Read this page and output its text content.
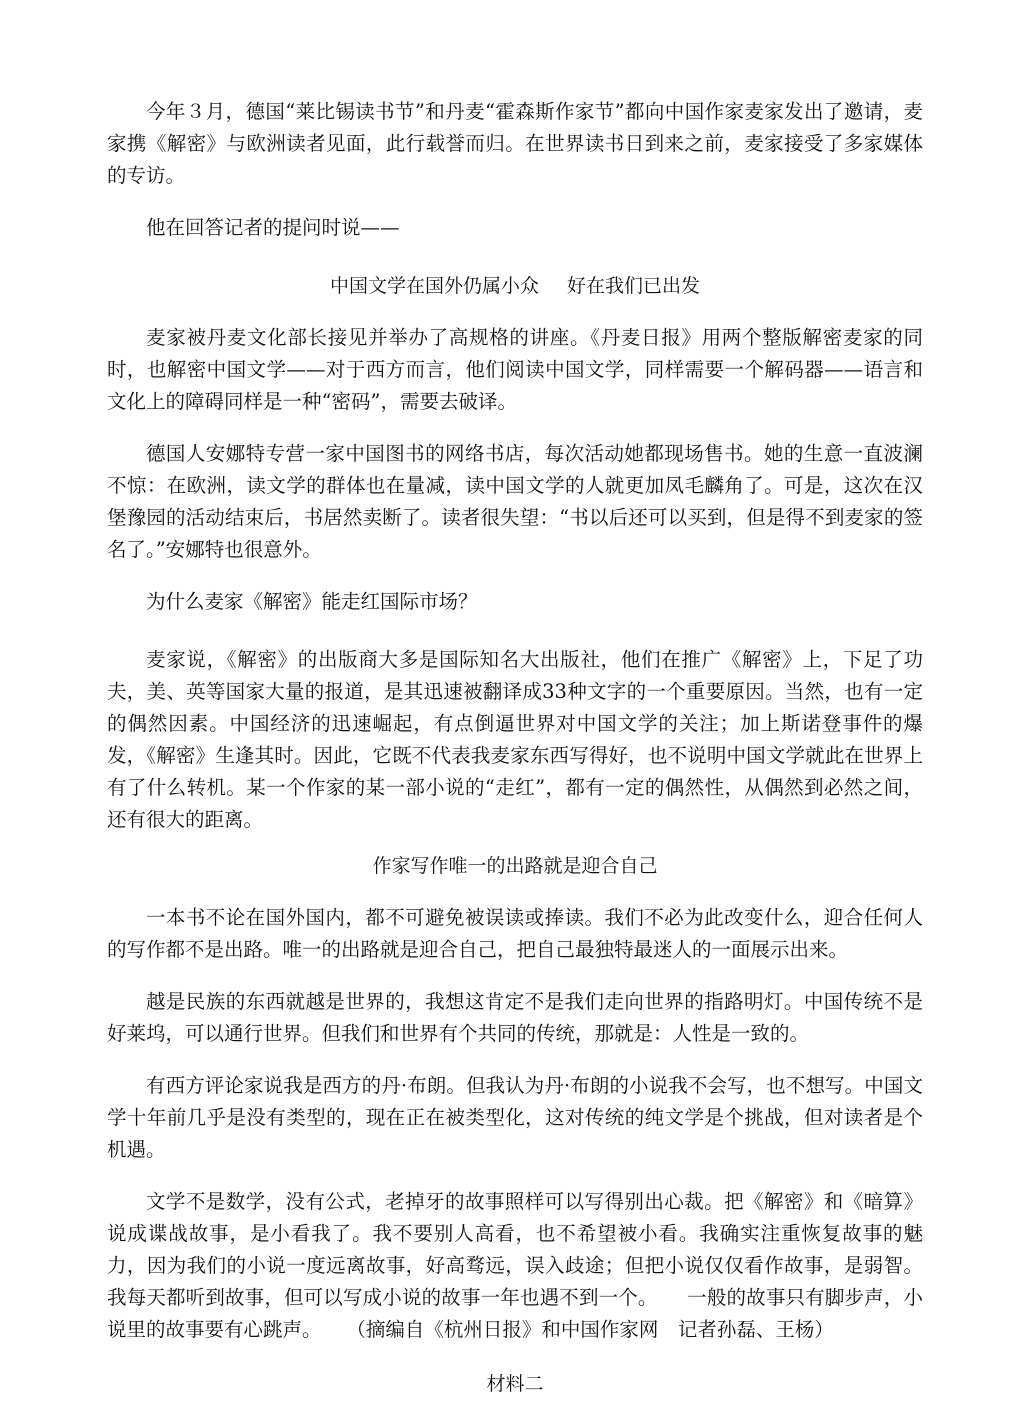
今年３月，德国“莱比锡读书节”和丹麦“霍森斯作家节”都向中国作家麦家发出了邀请，麦家携《解密》与欧洲读者见面，此行载誉而归。在世界读书日到来之前，麦家接受了多家媒体的专访。

他在回答记者的提问时说——

中国文学在国外仍属小众 好在我们已出发

麦家被丹麦文化部长接见并举办了高规格的讲座。《丹麦日报》用两个整版解密麦家的同时，也解密中国文学——对于西方而言，他们阅读中国文学，同样需要一个解码器——语言和文化上的障碍同样是一种“密码”，需要去破译。

德国人安娜特专营一家中国图书的网络书店，每次活动她都现场售书。她的生意一直波澜不惊：在欧洲，读文学的群体也在量减，读中国文学的人就更加凤毛麟角了。可是，这次在汉堡豫园的活动结束后，书居然卖断了。读者很失望：“书以后还可以买到，但是得不到麦家的签名了。”安娜特也很意外。

为什么麦家《解密》能走红国际市场？

麦家说，《解密》的出版商大多是国际知名大出版社，他们在推广《解密》上，下足了功夫，美、英等国家大量的报道，是其迅速被翻译成33种文字的一个重要原因。当然，也有一定的偶然因素。中国经济的迅速崛起，有点倒逼世界对中国文学的关注；加上斯诺登事件的爆发，《解密》生逢其时。因此，它既不代表我麦家东西写得好，也不说明中国文学就此在世界上有了什么转机。某一个作家的某一部小说的“走红”，都有一定的偶然性，从偶然到必然之间，还有很大的距离。

作家写作唯一的出路就是迎合自己

一本书不论在国外国内，都不可避免被误读或捧读。我们不必为此改变什么，迎合任何人的写作都不是出路。唯一的出路就是迎合自己，把自己最独特最迷人的一面展示出来。

越是民族的东西就越是世界的，我想这肯定不是我们走向世界的指路明灯。中国传统不是好莱坞，可以通行世界。但我们和世界有个共同的传统，那就是：人性是一致的。

有西方评论家说我是西方的丹·布朗。但我认为丹·布朗的小说我不会写，也不想写。中国文学十年前几乎是没有类型的，现在正在被类型化，这对传统的纯文学是个挑战，但对读者是个机遇。

文学不是数学，没有公式，老掉牙的故事照样可以写得别出心裁。把《解密》和《暗算》说成谍战故事，是小看我了。我不要别人高看，也不希望被小看。我确实注重恢复故事的魅力，因为我们的小说一度远离故事，好高骛远，误入歧途；但把小说仅仅看作故事，是弱智。我每天都听到故事，但可以写成小说的故事一年也遇不到一个。　　一般的故事只有脚步声，小说里的故事要有心跳声。 （摘编自《杭州日报》和中国作家网　记者孙磊、王杨）

材料二
